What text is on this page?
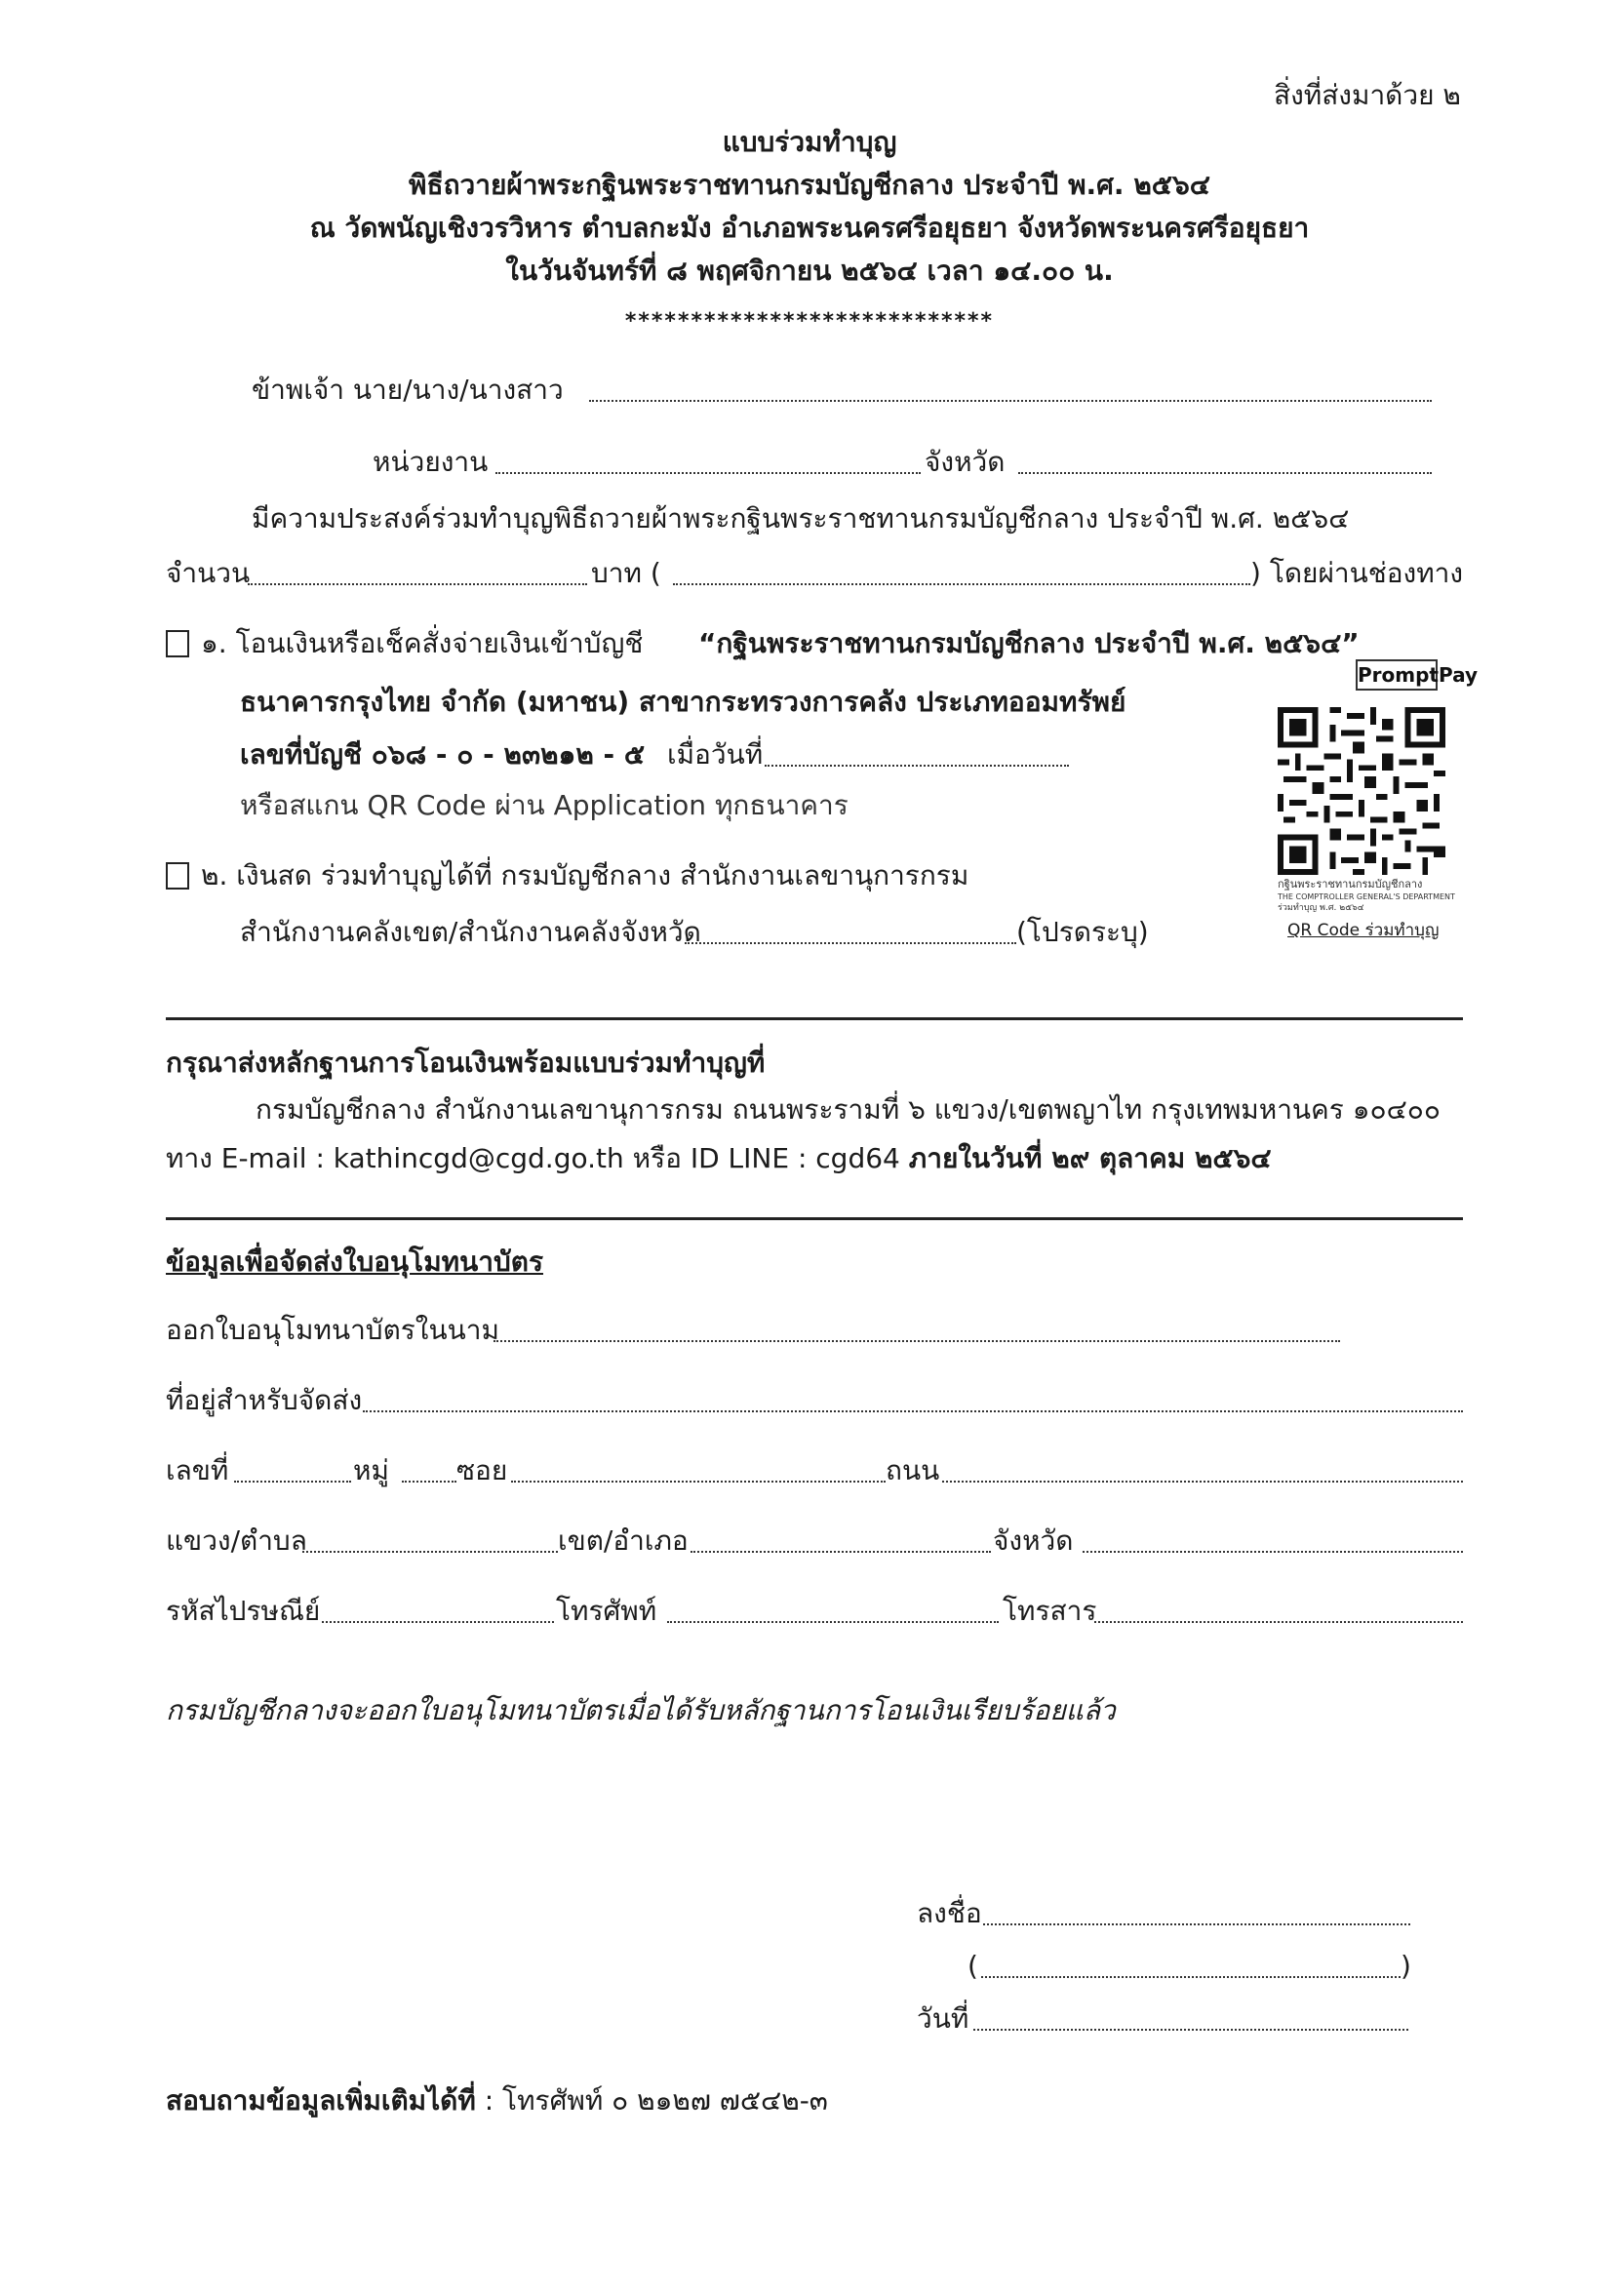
สิ่งที่ส่งมาด้วย ๒
แบบร่วมทำบุญ
พิธีถวายผ้าพระกฐินพระราชทานกรมบัญชีกลาง ประจำปี พ.ศ. ๒๕๖๔
ณ วัดพนัญเชิงวรวิหาร ตำบลกะมัง อำเภอพระนครศรีอยุธยา จังหวัดพระนครศรีอยุธยา
ในวันจันทร์ที่ ๘ พฤศจิกายน ๒๕๖๔ เวลา ๑๔.๐๐ น.
****************************
ข้าพเจ้า นาย/นาง/นางสาว
หน่วยงาน	จังหวัด
มีความประสงค์ร่วมทำบุญพิธีถวายผ้าพระกฐินพระราชทานกรมบัญชีกลาง ประจำปี พ.ศ. ๒๕๖๔
จำนวน	บาท (	) โดยผ่านช่องทาง
๑. โอนเงินหรือเช็คสั่งจ่ายเงินเข้าบัญชี “กฐินพระราชทานกรมบัญชีกลาง ประจำปี พ.ศ. ๒๕๖๔”
ธนาคารกรุงไทย จำกัด (มหาชน) สาขากระทรวงการคลัง ประเภทออมทรัพย์
เลขที่บัญชี ๐๖๘ - ๐ - ๒๓๒๑๒ - ๕ เมื่อวันที่
หรือสแกน QR Code ผ่าน Application ทุกธนาคาร
๒. เงินสด ร่วมทำบุญได้ที่ กรมบัญชีกลาง สำนักงานเลขานุการกรม
สำนักงานคลังเขต/สำนักงานคลังจังหวัด	(โปรดระบุ)
PromptPay
กฐินพระราชทานกรมบัญชีกลาง
THE COMPTROLLER GENERAL'S DEPARTMENT
ร่วมทำบุญ พ.ศ. ๒๕๖๔
QR Code ร่วมทำบุญ
กรุณาส่งหลักฐานการโอนเงินพร้อมแบบร่วมทำบุญที่
กรมบัญชีกลาง สำนักงานเลขานุการกรม ถนนพระรามที่ ๖ แขวง/เขตพญาไท กรุงเทพมหานคร ๑๐๔๐๐
ทาง E-mail : kathincgd@cgd.go.th หรือ ID LINE : cgd64 ภายในวันที่ ๒๙ ตุลาคม ๒๕๖๔
ข้อมูลเพื่อจัดส่งใบอนุโมทนาบัตร
ออกใบอนุโมทนาบัตรในนาม
ที่อยู่สำหรับจัดส่ง
เลขที่	หมู่ ซอย	ถนน
แขวง/ตำบล	เขต/อำเภอ	จังหวัด
รหัสไปรษณีย์	โทรศัพท์	โทรสาร
กรมบัญชีกลางจะออกใบอนุโมทนาบัตรเมื่อได้รับหลักฐานการโอนเงินเรียบร้อยแล้ว
ลงชื่อ
(	)
วันที่
สอบถามข้อมูลเพิ่มเติมได้ที่ : โทรศัพท์ ๐ ๒๑๒๗ ๗๕๔๒-๓
